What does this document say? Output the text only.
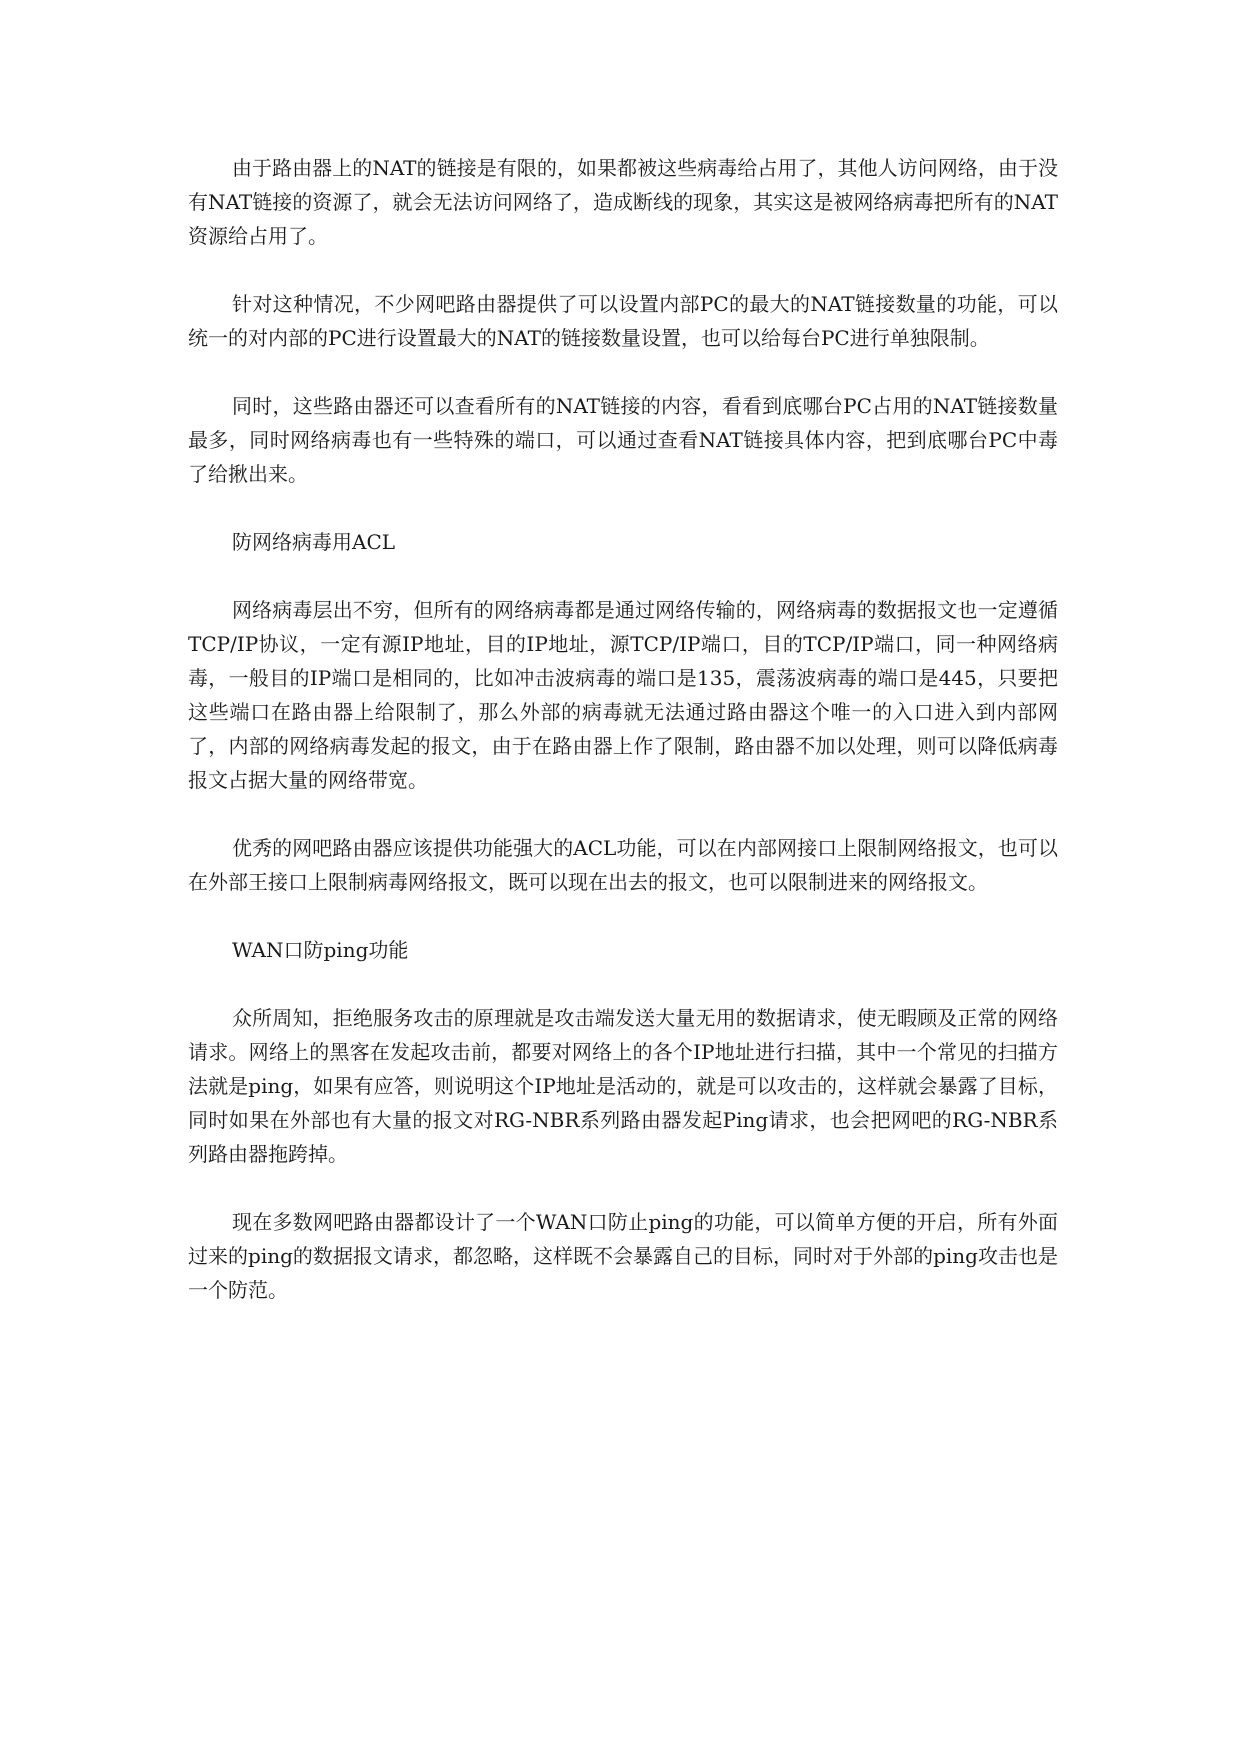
由于路由器上的NAT的链接是有限的，如果都被这些病毒给占用了，其他人访问网络，由于没有NAT链接的资源了，就会无法访问网络了，造成断线的现象，其实这是被网络病毒把所有的NAT资源给占用了。

针对这种情况，不少网吧路由器提供了可以设置内部PC的最大的NAT链接数量的功能，可以统一的对内部的PC进行设置最大的NAT的链接数量设置，也可以给每台PC进行单独限制。

同时，这些路由器还可以查看所有的NAT链接的内容，看看到底哪台PC占用的NAT链接数量最多，同时网络病毒也有一些特殊的端口，可以通过查看NAT链接具体内容，把到底哪台PC中毒了给揪出来。

防网络病毒用ACL

网络病毒层出不穷，但所有的网络病毒都是通过网络传输的，网络病毒的数据报文也一定遵循TCP/IP协议，一定有源IP地址，目的IP地址，源TCP/IP端口，目的TCP/IP端口，同一种网络病毒，一般目的IP端口是相同的，比如冲击波病毒的端口是135，震荡波病毒的端口是445，只要把这些端口在路由器上给限制了，那么外部的病毒就无法通过路由器这个唯一的入口进入到内部网了，内部的网络病毒发起的报文，由于在路由器上作了限制，路由器不加以处理，则可以降低病毒报文占据大量的网络带宽。

优秀的网吧路由器应该提供功能强大的ACL功能，可以在内部网接口上限制网络报文，也可以在外部王接口上限制病毒网络报文，既可以现在出去的报文，也可以限制进来的网络报文。

WAN口防ping功能

众所周知，拒绝服务攻击的原理就是攻击端发送大量无用的数据请求，使无暇顾及正常的网络请求。网络上的黑客在发起攻击前，都要对网络上的各个IP地址进行扫描，其中一个常见的扫描方法就是ping，如果有应答，则说明这个IP地址是活动的，就是可以攻击的，这样就会暴露了目标，同时如果在外部也有大量的报文对RG-NBR系列路由器发起Ping请求，也会把网吧的RG-NBR系列路由器拖跨掉。

现在多数网吧路由器都设计了一个WAN口防止ping的功能，可以简单方便的开启，所有外面过来的ping的数据报文请求，都忽略，这样既不会暴露自己的目标，同时对于外部的ping攻击也是一个防范。
